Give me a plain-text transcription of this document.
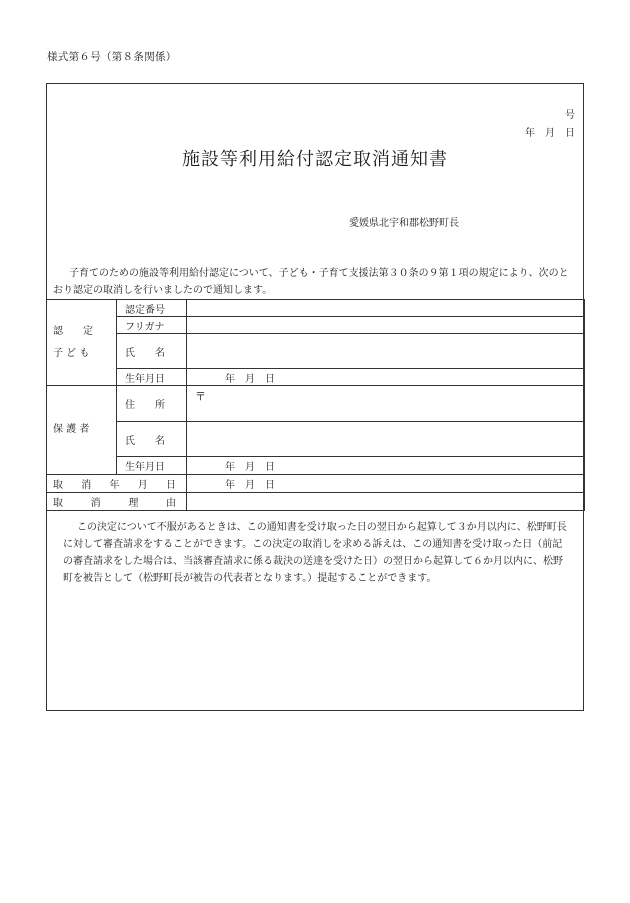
様式第６号（第８条関係）
号
年　月　日
施設等利用給付認定取消通知書
愛媛県北宇和郡松野町長
子育てのための施設等利用給付認定について、子ども・子育て支援法第３０条の９第１項の規定により、次のとおり認定の取消しを行いましたので通知します。
認　　定
子 ど も	認定番号	
	フリガナ	
	氏　　名	
	生年月日	年　月　日
保 護 者	住　　所	〒
	氏　　名	
	生年月日	年　月　日

取 消 年 月 日		年　月　日

取 消 理 由		

この決定について不服があるときは、この通知書を受け取った日の翌日から起算して３か月以内に、松野町長に対して審査請求をすることができます。この決定の取消しを求める訴えは、この通知書を受け取った日（前記の審査請求をした場合は、当該審査請求に係る裁決の送達を受けた日）の翌日から起算して６か月以内に、松野町を被告として（松野町長が被告の代表者となります。）提起することができます。
